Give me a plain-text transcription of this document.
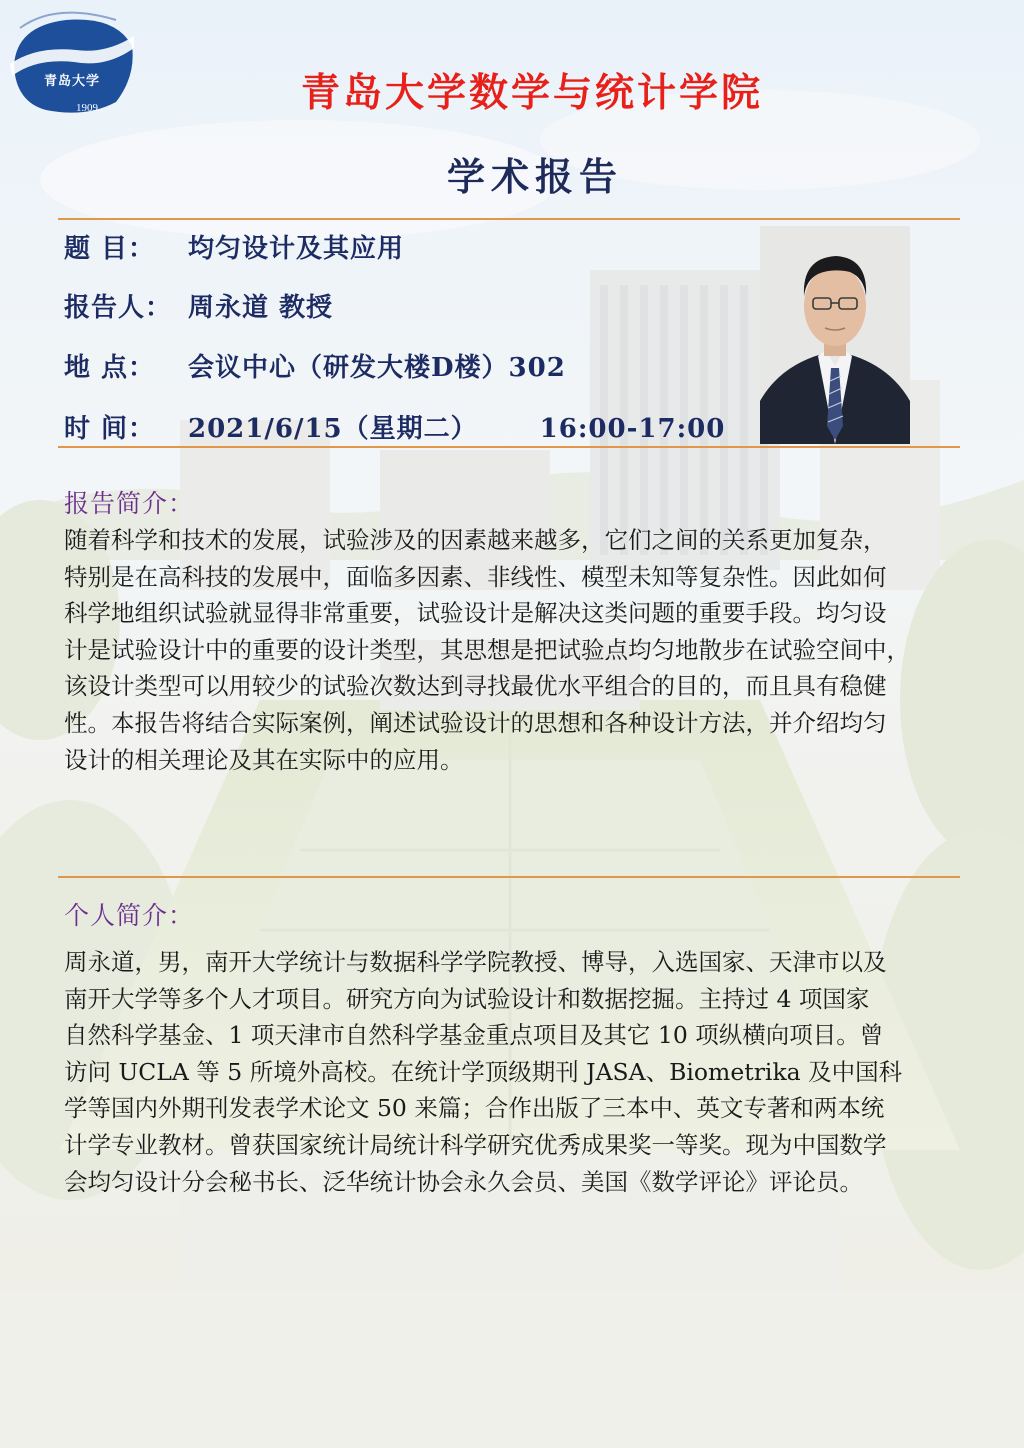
青岛大学
1909	青岛大学数学与统计学院
学术报告
题 目： 均匀设计及其应用
报告人： 周永道 教授
地 点： 会议中心（研发大楼D楼）302
时 间： 2021/6/15（星期二） 16:00-17:00
报告简介：

随着科学和技术的发展，试验涉及的因素越来越多，它们之间的关系更加复杂，
特别是在高科技的发展中，面临多因素、非线性、模型未知等复杂性。因此如何
科学地组织试验就显得非常重要，试验设计是解决这类问题的重要手段。均匀设
计是试验设计中的重要的设计类型，其思想是把试验点均匀地散步在试验空间中，
该设计类型可以用较少的试验次数达到寻找最优水平组合的目的，而且具有稳健
性。本报告将结合实际案例，阐述试验设计的思想和各种设计方法，并介绍均匀
设计的相关理论及其在实际中的应用。

个人简介：

周永道，男，南开大学统计与数据科学学院教授、博导，入选国家、天津市以及
南开大学等多个人才项目。研究方向为试验设计和数据挖掘。主持过 4 项国家
自然科学基金、1 项天津市自然科学基金重点项目及其它 10 项纵横向项目。曾
访问 UCLA 等 5 所境外高校。在统计学顶级期刊 JASA、Biometrika 及中国科
学等国内外期刊发表学术论文 50 来篇；合作出版了三本中、英文专著和两本统
计学专业教材。曾获国家统计局统计科学研究优秀成果奖一等奖。现为中国数学
会均匀设计分会秘书长、泛华统计协会永久会员、美国《数学评论》评论员。
